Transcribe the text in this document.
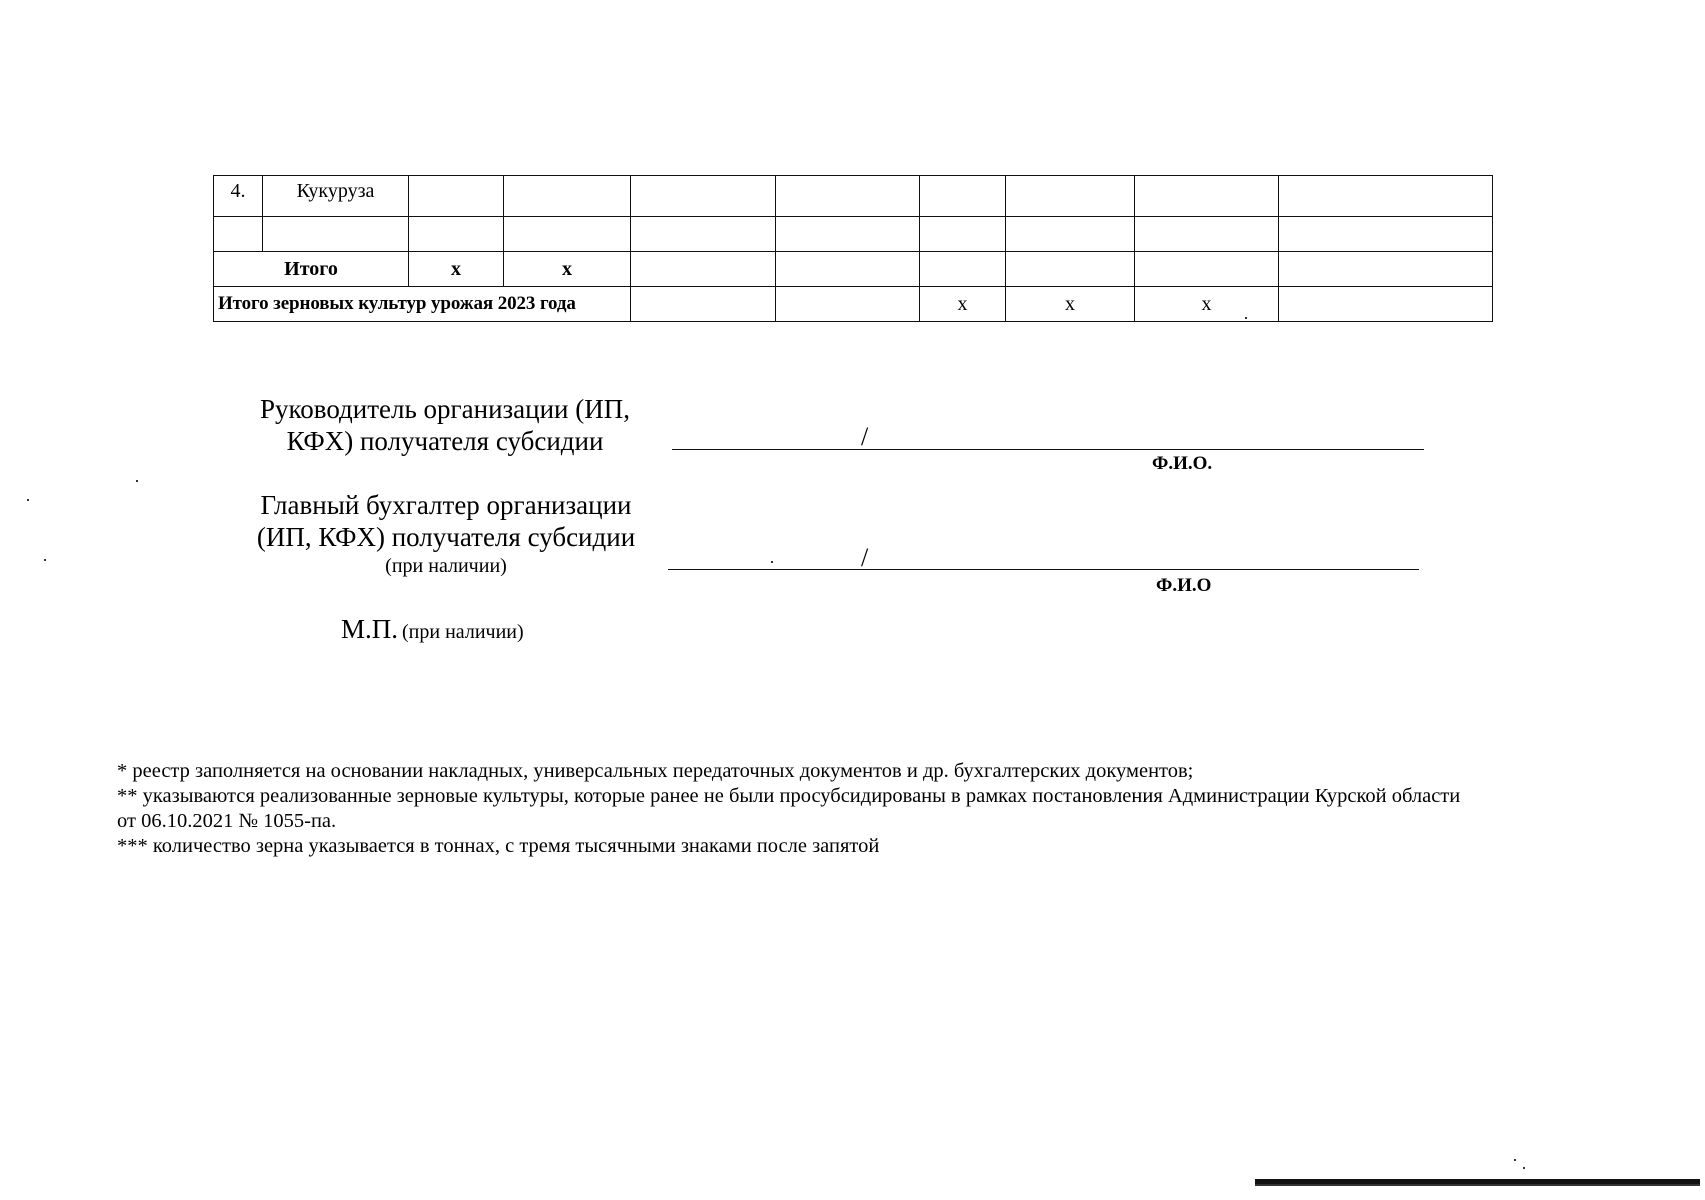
4.	Кукуруза								

Итого		х	х						
Итого зерновых культур урожая 2023 года						х	х	х	
Руководитель организации (ИП,
КФХ) получателя субсидии	/
Ф.И.О.
Главный бухгалтер организации
(ИП, КФХ) получателя субсидии
(при наличии)	/
Ф.И.О
М.П. (при наличии)
* реестр заполняется на основании накладных, универсальных передаточных документов и др. бухгалтерских документов;
** указываются реализованные зерновые культуры, которые ранее не были просубсидированы в рамках постановления Администрации Курской области
от 06.10.2021 № 1055-па.
*** количество зерна указывается в тоннах, с тремя тысячными знаками после запятой
